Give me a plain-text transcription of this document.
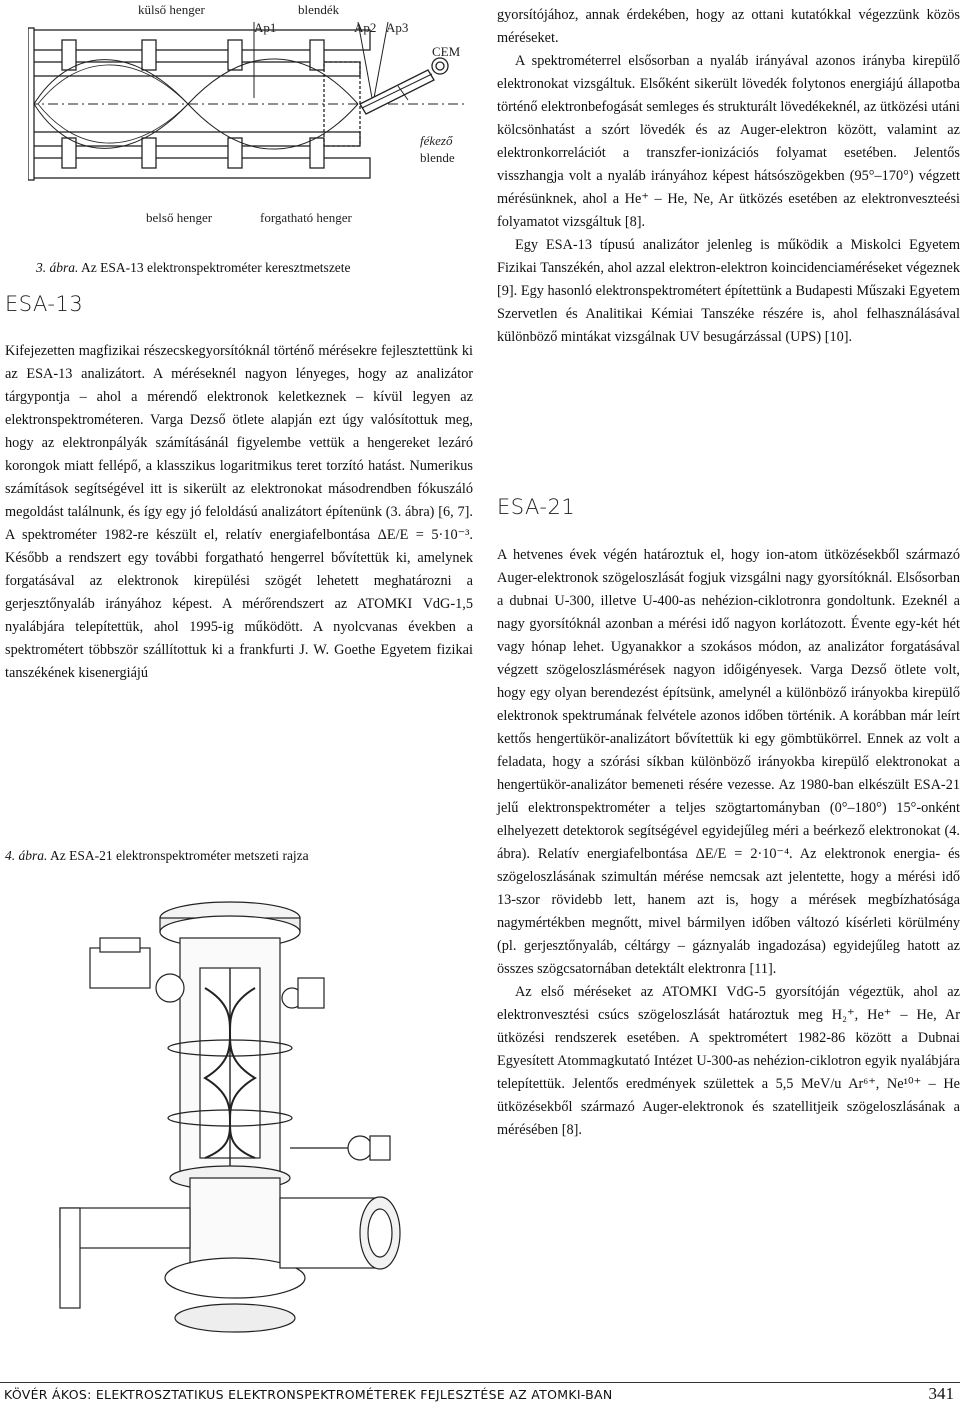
külső henger	blendék
Ap1	Ap2 Ap3
CEM
fékező
blende
belső henger	forgatható henger
3. ábra. Az ESA-13 elektronspektrométer keresztmetszete
ESA-13

Kifejezetten magfizikai részecskegyorsítóknál történő mérésekre fejlesztettünk ki az ESA-13 analizátort. A méréseknél nagyon lényeges, hogy az analizátor tárgypontja – ahol a mérendő elektronok keletkeznek – kívül legyen az elektronspektrométeren. Varga Dezső ötlete alapján ezt úgy valósítottuk meg, hogy az elektronpályák számításánál figyelembe vettük a hengereket lezáró korongok miatt fellépő, a klasszikus logaritmikus teret torzító hatást. Numerikus számítások segítségével itt is sikerült az elektronokat másodrendben fókuszáló megoldást találnunk, és így egy jó feloldású analizátort építenünk (3. ábra) [6, 7]. A spektrométer 1982-re készült el, relatív energiafelbontása ΔE/E = 5·10⁻³. Később a rendszert egy további forgatható hengerrel bővítettük ki, amelynek forgatásával az elektronok kirepülési szögét lehetett meghatározni a gerjesztőnyaláb irányához képest. A mérőrendszert az ATOMKI VdG-1,5 nyalábjára telepítettük, ahol 1995-ig működött. A nyolcvanas években a spektrométert többször szállítottuk ki a frankfurti J. W. Goethe Egyetem fizikai tanszékének kisenergiájú

4. ábra. Az ESA-21 elektronspektrométer metszeti rajza

gyorsítójához, annak érdekében, hogy az ottani kutatókkal végezzünk közös méréseket.

A spektrométerrel elsősorban a nyaláb irányával azonos irányba kirepülő elektronokat vizsgáltuk. Elsőként sikerült lövedék folytonos energiájú állapotba történő elektronbefogását semleges és strukturált lövedékeknél, az ütközési utáni kölcsönhatást a szórt lövedék és az Auger-elektron között, valamint az elektronkorrelációt a transzfer-ionizációs folyamat esetében. Jelentős visszhangja volt a nyaláb irányához képest hátsószögekben (95°–170°) végzett mérésünknek, ahol a He⁺ – He, Ne, Ar ütközés esetében az elektronveszteési folyamatot vizsgáltuk [8].

Egy ESA-13 típusú analizátor jelenleg is működik a Miskolci Egyetem Fizikai Tanszékén, ahol azzal elektron-elektron koincidenciaméréseket végeznek [9]. Egy hasonló elektronspektrométert építettünk a Budapesti Műszaki Egyetem Szervetlen és Analitikai Kémiai Tanszéke részére is, ahol felhasználásával különböző mintákat vizsgálnak UV besugárzással (UPS) [10].

ESA-21

A hetvenes évek végén határoztuk el, hogy ion-atom ütközésekből származó Auger-elektronok szögeloszlását fogjuk vizsgálni nagy gyorsítóknál. Elsősorban a dubnai U-300, illetve U-400-as nehézion-ciklotronra gondoltunk. Ezeknél a nagy gyorsítóknál azonban a mérési idő nagyon korlátozott. Évente egy-két hét vagy hónap lehet. Ugyanakkor a szokásos módon, az analizátor forgatásával végzett szögeloszlásmérések nagyon időigényesek. Varga Dezső ötlete volt, hogy egy olyan berendezést építsünk, amelynél a különböző irányokba kirepülő elektronok spektrumának felvétele azonos időben történik. A korábban már leírt kettős hengertükör-analizátort bővítettük ki egy gömbtükörrel. Ennek az volt a feladata, hogy a szórási síkban különböző irányokba kirepülő elektronokat a hengertükör-analizátor bemeneti résére vezesse. Az 1980-ban elkészült ESA-21 jelű elektronspektrométer a teljes szögtartományban (0°–180°) 15°-onként elhelyezett detektorok segítségével egyidejűleg méri a beérkező elektronokat (4. ábra). Relatív energiafelbontása ΔE/E = 2·10⁻⁴. Az elektronok energia- és szögeloszlásának szimultán mérése nemcsak azt jelentette, hogy a mérési idő 13-szor rövidebb lett, hanem azt is, hogy a mérések megbízhatósága nagymértékben megnőtt, mivel bármilyen időben változó kísérleti körülmény (pl. gerjesztőnyaláb, céltárgy – gáznyaláb ingadozása) egyidejűleg hatott az összes szögcsatornában detektált elektronra [11].

Az első méréseket az ATOMKI VdG-5 gyorsítóján végeztük, ahol az elektronvesztési csúcs szögeloszlását határoztuk meg H₂⁺, He⁺ – He, Ar ütközési rendszerek esetében. A spektrométert 1982-86 között a Dubnai Egyesített Atommagkutató Intézet U-300-as nehézion-ciklotron egyik nyalábjára telepítettük. Jelentős eredmények születtek a 5,5 MeV/u Ar⁶⁺, Ne¹⁰⁺ – He ütközésekből származó Auger-elektronok és szatellitjeik szögeloszlásának a mérésében [8].

KÖVÉR ÁKOS: ELEKTROSZTATIKUS ELEKTRONSPEKTROMÉTEREK FEJLESZTÉSE AZ ATOMKI-BAN	341
